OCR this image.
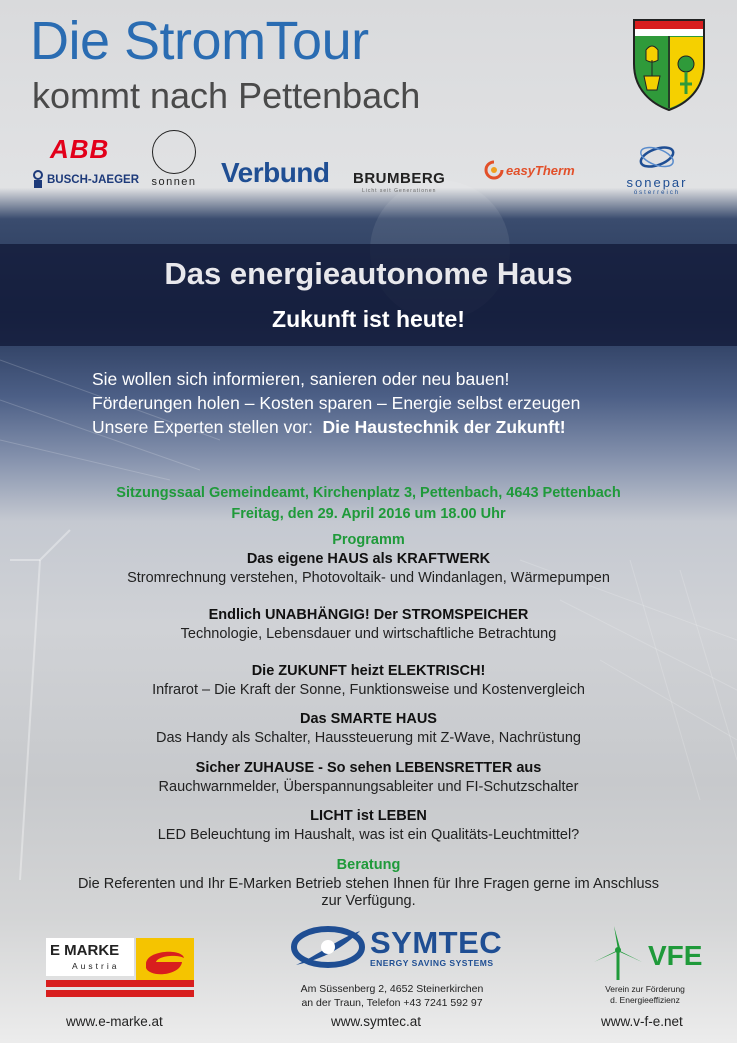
Die StromTour
kommt nach Pettenbach
ABB
BUSCH-JAEGER	sonnen Verbund BRUMBERG
Licht seit Generationen
easyTherm
sonepar
österreich
Das energieautonome Haus
Zukunft ist heute!
Sie wollen sich informieren, sanieren oder neu bauen!
Förderungen holen – Kosten sparen – Energie selbst erzeugen
Unsere Experten stellen vor: Die Haustechnik der Zukunft!
Sitzungssaal Gemeindeamt, Kirchenplatz 3, Pettenbach, 4643 Pettenbach
Freitag, den 29. April 2016 um 18.00 Uhr
Programm
Das eigene HAUS als KRAFTWERK
Stromrechnung verstehen, Photovoltaik- und Windanlagen, Wärmepumpen
Endlich UNABHÄNGIG! Der STROMSPEICHER
Technologie, Lebensdauer und wirtschaftliche Betrachtung
Die ZUKUNFT heizt ELEKTRISCH!
Infrarot – Die Kraft der Sonne, Funktionsweise und Kostenvergleich
Das SMARTE HAUS
Das Handy als Schalter, Haussteuerung mit Z-Wave, Nachrüstung
Sicher ZUHAUSE - So sehen LEBENSRETTER aus
Rauchwarnmelder, Überspannungsableiter und FI-Schutzschalter
LICHT ist LEBEN
LED Beleuchtung im Haushalt, was ist ein Qualitäts-Leuchtmittel?
Beratung
Die Referenten und Ihr E-Marken Betrieb stehen Ihnen für Ihre Fragen gerne im Anschluss
zur Verfügung.
E MARKE
Austria
www.e-marke.at
SYMTEC
ENERGY SAVING SYSTEMS
Am Süssenberg 2, 4652 Steinerkirchen
an der Traun, Telefon +43 7241 592 97
www.symtec.at
VFE
Verein zur Förderung
d. Energieeffizienz
www.v-f-e.net
